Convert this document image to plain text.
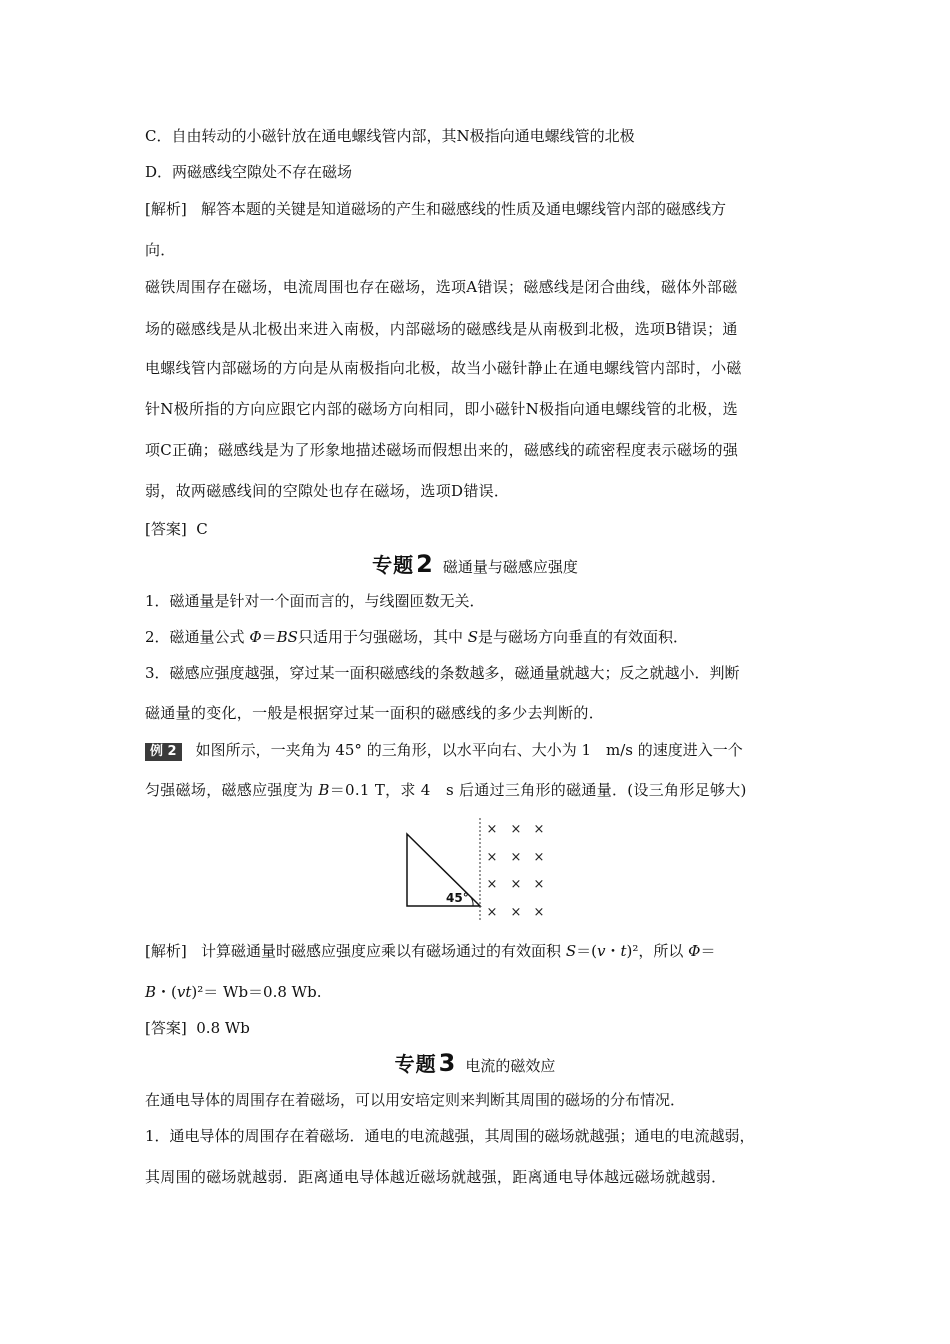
C．自由转动的小磁针放在通电螺线管内部，其N极指向通电螺线管的北极
D．两磁感线空隙处不存在磁场
[解析] 解答本题的关键是知道磁场的产生和磁感线的性质及通电螺线管内部的磁感线方
向．
磁铁周围存在磁场，电流周围也存在磁场，选项A错误；磁感线是闭合曲线，磁体外部磁
场的磁感线是从北极出来进入南极，内部磁场的磁感线是从南极到北极，选项B错误；通
电螺线管内部磁场的方向是从南极指向北极，故当小磁针静止在通电螺线管内部时，小磁
针N极所指的方向应跟它内部的磁场方向相同，即小磁针N极指向通电螺线管的北极，选
项C正确；磁感线是为了形象地描述磁场而假想出来的，磁感线的疏密程度表示磁场的强
弱，故两磁感线间的空隙处也存在磁场，选项D错误．
[答案] C
专题2 磁通量与磁感应强度
1．磁通量是针对一个面而言的，与线圈匝数无关．
2．磁通量公式 Φ＝BS只适用于匀强磁场，其中 S是与磁场方向垂直的有效面积．
3．磁感应强度越强，穿过某一面积磁感线的条数越多，磁通量就越大；反之就越小．判断
磁通量的变化，一般是根据穿过某一面积的磁感线的多少去判断的．
例 2 如图所示，一夹角为 45° 的三角形，以水平向右、大小为 1　m/s 的速度进入一个
匀强磁场，磁感应强度为 B＝0.1 T，求 4　s 后通过三角形的磁通量．(设三角形足够大)
45°
× × ×
× × ×
× × ×
× × ×
[解析] 计算磁通量时磁感应强度应乘以有磁场通过的有效面积 S＝(v・t)²，所以 Φ＝
B・(vt)²＝ Wb＝0.8 Wb.
[答案] 0.8 Wb
专题3 电流的磁效应
在通电导体的周围存在着磁场，可以用安培定则来判断其周围的磁场的分布情况．
1．通电导体的周围存在着磁场．通电的电流越强，其周围的磁场就越强；通电的电流越弱，
其周围的磁场就越弱．距离通电导体越近磁场就越强，距离通电导体越远磁场就越弱．
